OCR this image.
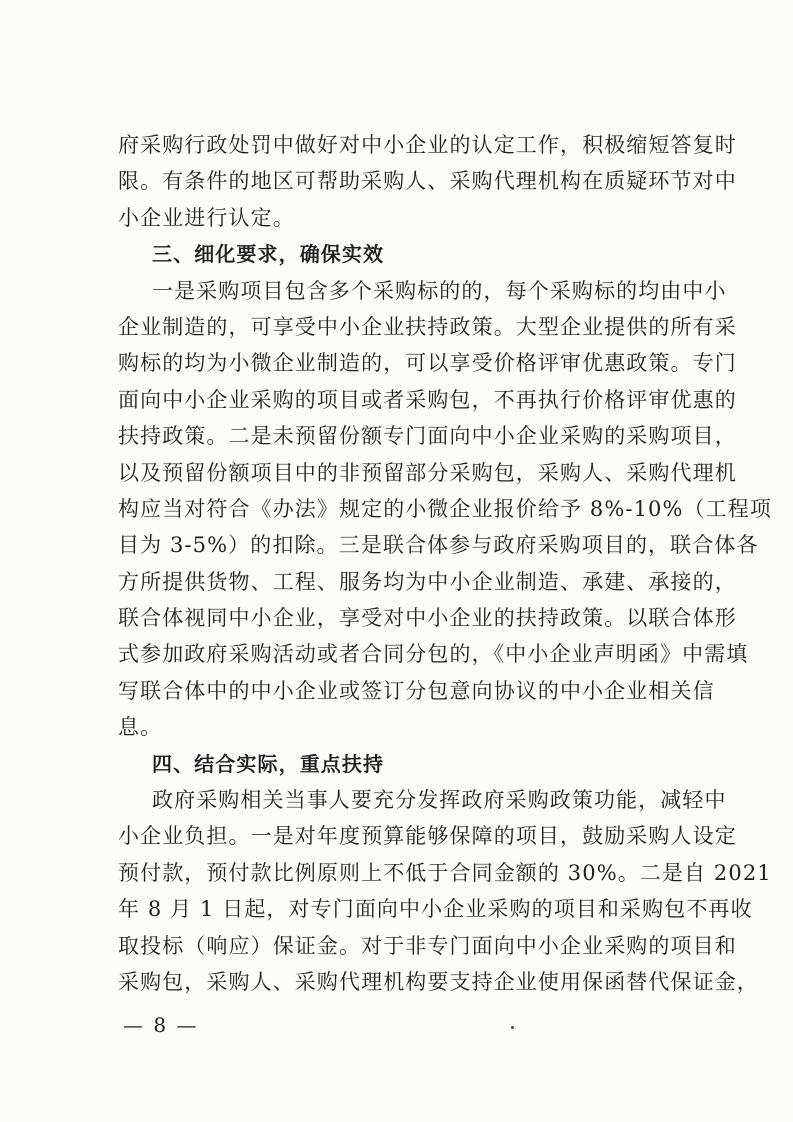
府采购行政处罚中做好对中小企业的认定工作，积极缩短答复时
限。有条件的地区可帮助采购人、采购代理机构在质疑环节对中
小企业进行认定。
三、细化要求，确保实效
一是采购项目包含多个采购标的的，每个采购标的均由中小
企业制造的，可享受中小企业扶持政策。大型企业提供的所有采
购标的均为小微企业制造的，可以享受价格评审优惠政策。专门
面向中小企业采购的项目或者采购包，不再执行价格评审优惠的
扶持政策。二是未预留份额专门面向中小企业采购的采购项目，
以及预留份额项目中的非预留部分采购包，采购人、采购代理机
构应当对符合《办法》规定的小微企业报价给予 8%-10%（工程项
目为 3-5%）的扣除。三是联合体参与政府采购项目的，联合体各
方所提供货物、工程、服务均为中小企业制造、承建、承接的，
联合体视同中小企业，享受对中小企业的扶持政策。以联合体形
式参加政府采购活动或者合同分包的，《中小企业声明函》中需填
写联合体中的中小企业或签订分包意向协议的中小企业相关信
息。
四、结合实际，重点扶持
政府采购相关当事人要充分发挥政府采购政策功能，减轻中
小企业负担。一是对年度预算能够保障的项目，鼓励采购人设定
预付款，预付款比例原则上不低于合同金额的 30%。二是自 2021
年 8 月 1 日起，对专门面向中小企业采购的项目和采购包不再收
取投标（响应）保证金。对于非专门面向中小企业采购的项目和
采购包，采购人、采购代理机构要支持企业使用保函替代保证金，
— 8 —
